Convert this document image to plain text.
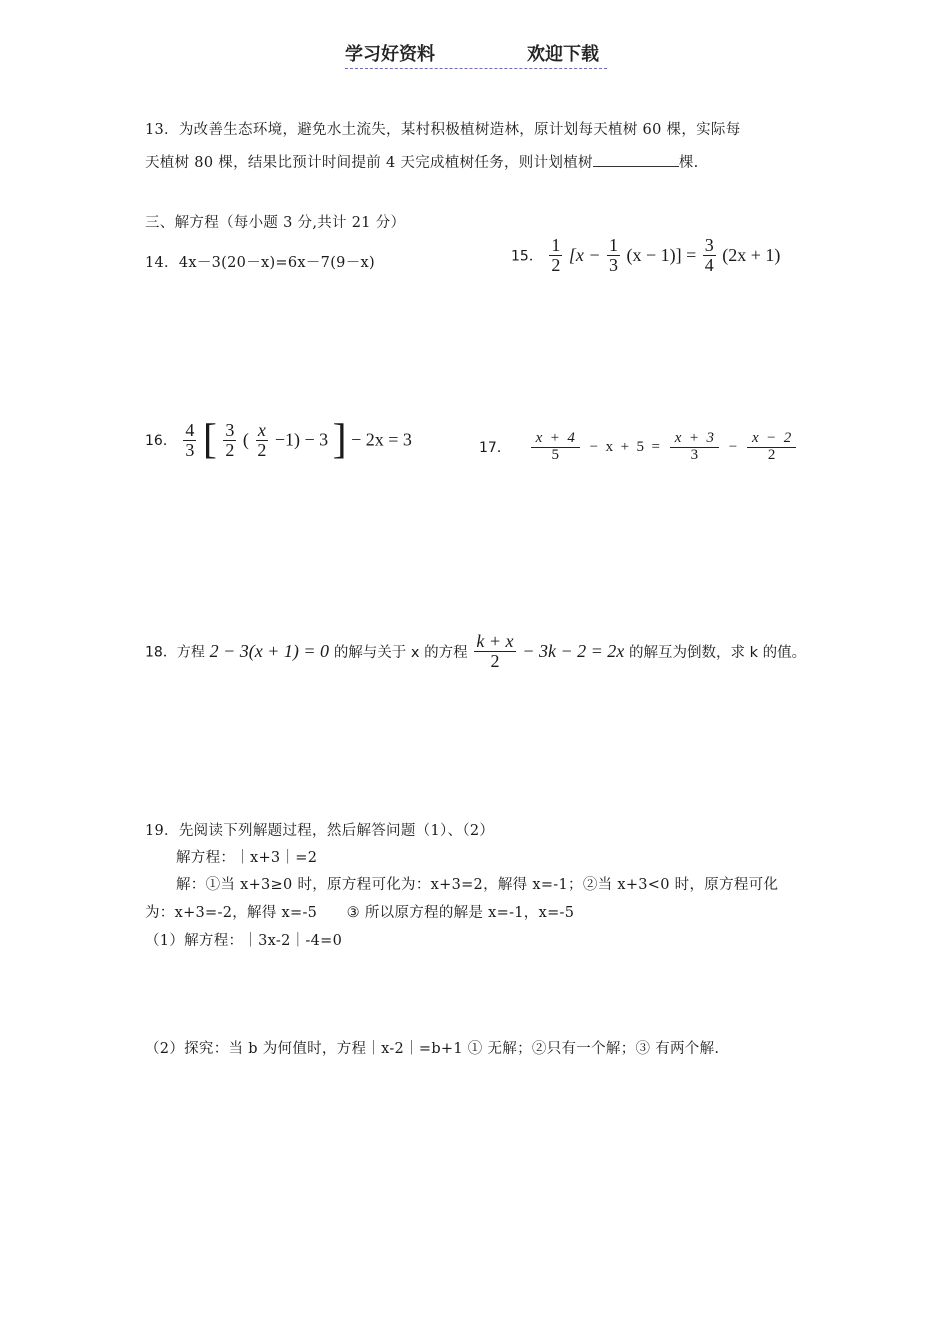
学习好资料	欢迎下载
13．为改善生态环境，避免水土流失，某村积极植树造林，原计划每天植树 60 棵，实际每
天植树 80 棵，结果比预计时间提前 4 天完成植树任务，则计划植树	棵.
三、解方程（每小题 3 分,共计 21 分）
14．4x－3(20－x)=6x－7(9－x)	15． $\frac{1}{2} [x - \frac{1}{3} (x - 1)] = \frac{3}{4} (2x + 1)$
16． $\frac{4}{3}$ [ $\frac{3}{2}$ ( $\frac{x}{2} -1) - 3$ ] − 2x = 3	17． $\frac{x + 4}{5} - x + 5 = \frac{x + 3}{3} - \frac{x - 2}{2}$
18．方程 2 − 3(x + 1) = 0 的解与关于 x 的方程 $\frac{k + x}{2} - 3k - 2 = 2x$ 的解互为倒数，求 k 的值。
19．先阅读下列解题过程，然后解答问题（1）、（2）
解方程：｜x+3｜=2
解：①当 x+3≥0 时，原方程可化为：x+3=2，解得 x=-1；②当 x+3<0 时，原方程可化
为：x+3=-2，解得 x=-5      ③ 所以原方程的解是 x=-1，x=-5
（1）解方程：｜3x-2｜-4=0
（2）探究：当 b 为何值时，方程｜x-2｜=b+1 ① 无解；②只有一个解；③ 有两个解.
